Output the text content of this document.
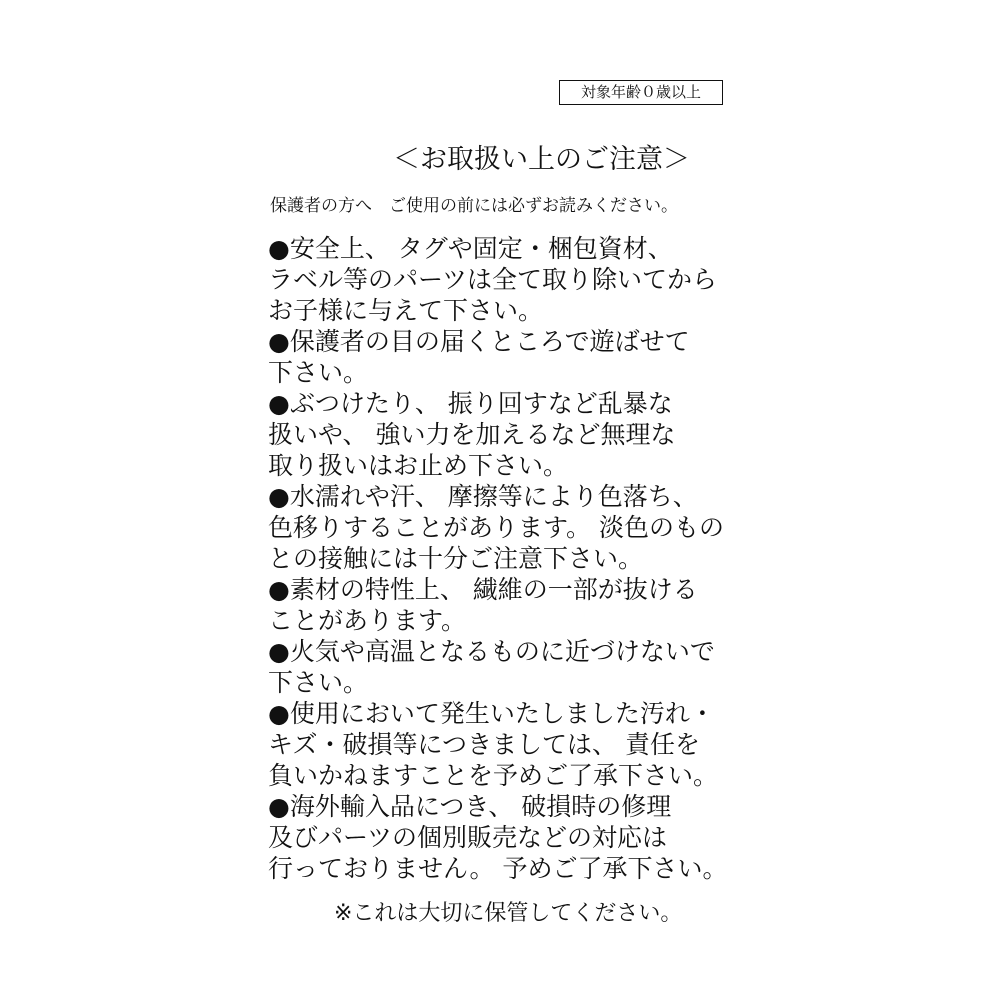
対象年齢０歳以上
＜お取扱い上のご注意＞
保護者の方へ　ご使用の前には必ずお読みください。
●安全上、 タグや固定・梱包資材、
ラベル等のパーツは全て取り除いてから
お子様に与えて下さい。
●保護者の目の届くところで遊ばせて
下さい。
●ぶつけたり、 振り回すなど乱暴な
扱いや、 強い力を加えるなど無理な
取り扱いはお止め下さい。
●水濡れや汗、 摩擦等により色落ち、
色移りすることがあります。 淡色のもの
との接触には十分ご注意下さい。
●素材の特性上、 繊維の一部が抜ける
ことがあります。
●火気や高温となるものに近づけないで
下さい。
●使用において発生いたしました汚れ・
キズ・破損等につきましては、 責任を
負いかねますことを予めご了承下さい。
●海外輸入品につき、 破損時の修理
及びパーツの個別販売などの対応は
行っておりません。 予めご了承下さい。
※これは大切に保管してください。
